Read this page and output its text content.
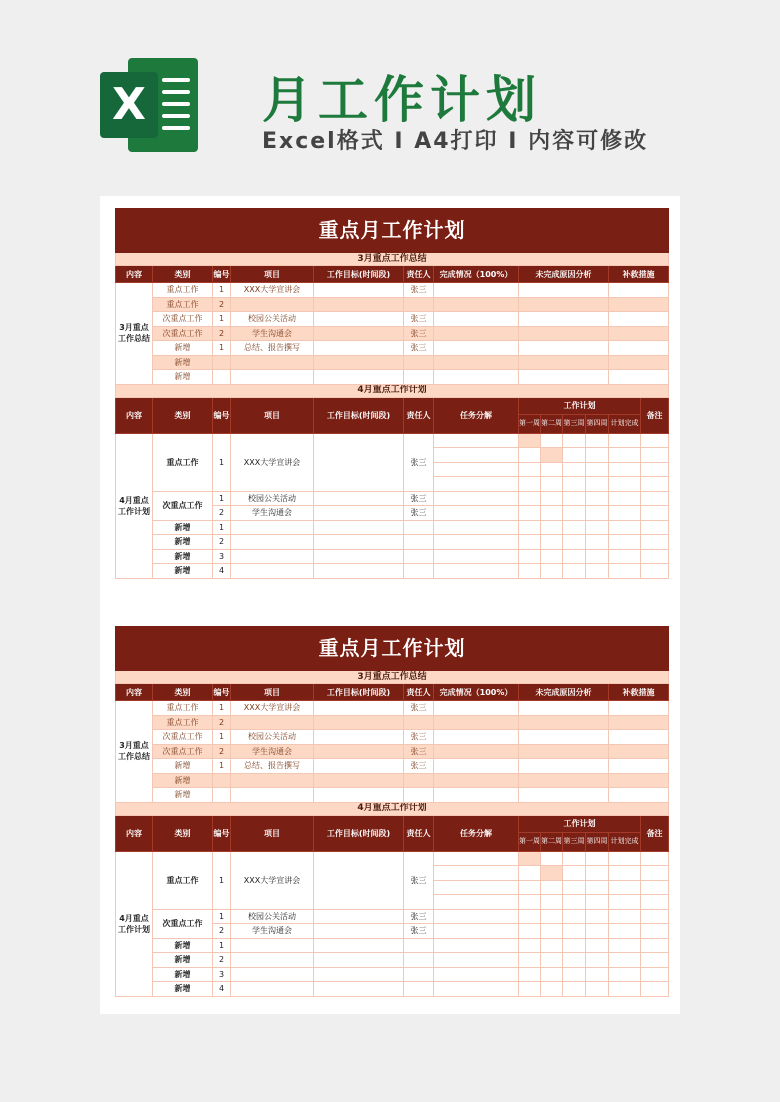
X 月工作计划
Excel格式 I A4打印 I 内容可修改
重点月工作计划												
3月重点工作总结												
内容	类别	编号	项目	工作目标(时间段)	责任人	完成情况（100%）	未完成原因分析				补救措施	
3月重点工作总结	重点工作	1	XXX大学宣讲会		张三							
	重点工作	2										
	次重点工作	1	校园公关活动		张三							
	次重点工作	2	学生沟通会		张三							
	新增	1	总结、报告撰写		张三							
	新增											
	新增											
4月重点工作计划												
内容	类别	编号	项目	工作目标(时间段)	责任人	任务分解	工作计划					备注
							第一周	第二周	第三周	第四周	计划完成	
4月重点工作计划	重点工作	1	XXX大学宣讲会		张三							

	次重点工作	1	校园公关活动		张三							
		2	学生沟通会		张三							
	新增	1										
	新增	2										
	新增	3										
	新增	4										
重点月工作计划												
3月重点工作总结												
内容	类别	编号	项目	工作目标(时间段)	责任人	完成情况（100%）	未完成原因分析				补救措施	
3月重点工作总结	重点工作	1	XXX大学宣讲会		张三							
	重点工作	2										
	次重点工作	1	校园公关活动		张三							
	次重点工作	2	学生沟通会		张三							
	新增	1	总结、报告撰写		张三							
	新增											
	新增											
4月重点工作计划												
内容	类别	编号	项目	工作目标(时间段)	责任人	任务分解	工作计划					备注
							第一周	第二周	第三周	第四周	计划完成	
4月重点工作计划	重点工作	1	XXX大学宣讲会		张三							

	次重点工作	1	校园公关活动		张三							
		2	学生沟通会		张三							
	新增	1										
	新增	2										
	新增	3										
	新增	4										
